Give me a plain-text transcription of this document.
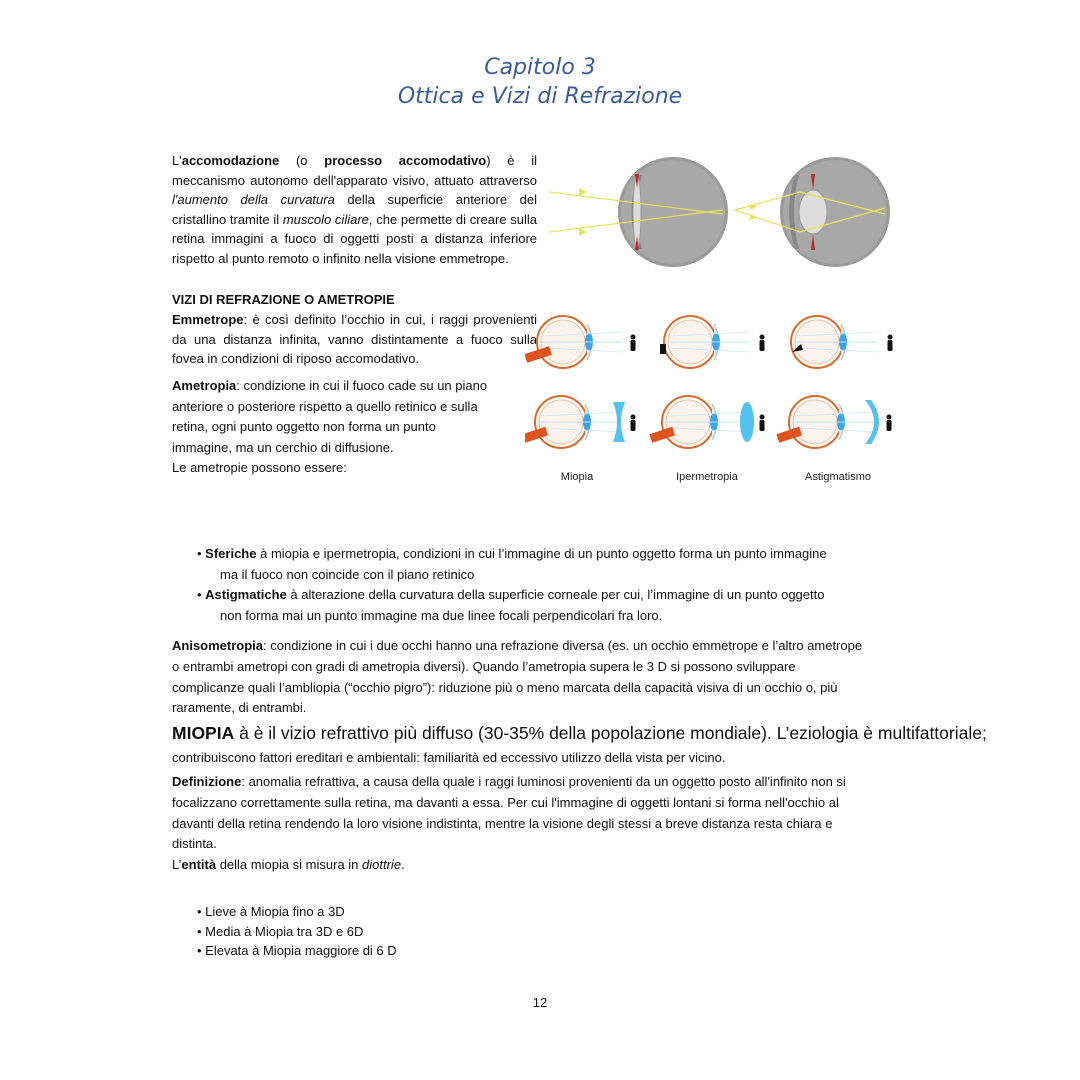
Capitolo 3
Ottica e Vizi di Refrazione
L'accomodazione (o processo accomodativo) è il meccanismo autonomo dell'apparato visivo, attuato attraverso l'aumento della curvatura della superficie anteriore del cristallino tramite il muscolo ciliare, che permette di creare sulla retina immagini a fuoco di oggetti posti a distanza inferiore rispetto al punto remoto o infinito nella visione emmetrope.
VIZI DI REFRAZIONE O AMETROPIE
Emmetrope: è così definito l’occhio in cui, i raggi provenienti da una distanza infinita, vanno distintamente a fuoco sulla fovea in condizioni di riposo accomodativo.
Ametropia: condizione in cui il fuoco cade su un piano
anteriore o posteriore rispetto a quello retinico e sulla
retina, ogni punto oggetto non forma un punto
immagine, ma un cerchio di diffusione.
Le ametropie possono essere:
Miopia	Ipermetropia	Astigmatismo
• Sferiche à miopia e ipermetropia, condizioni in cui l’immagine di un punto oggetto forma un punto immagine
ma il fuoco non coincide con il piano retinico
• Astigmatiche à alterazione della curvatura della superficie corneale per cui, l’immagine di un punto oggetto
non forma mai un punto immagine ma due linee focali perpendicolari fra loro.
Anisometropia: condizione in cui i due occhi hanno una refrazione diversa (es. un occhio emmetrope e l’altro ametrope
o entrambi ametropi con gradi di ametropia diversi). Quando l’ametropia supera le 3 D si possono sviluppare
complicanze quali l’ambliopia (“occhio pigro”): riduzione più o meno marcata della capacità visiva di un occhio o, più
raramente, di entrambi.
MIOPIA à è il vizio refrattivo più diffuso (30-35% della popolazione mondiale). L’eziologia è multifattoriale;
contribuiscono fattori ereditari e ambientali: familiarità ed eccessivo utilizzo della vista per vicino.
Definizione: anomalia refrattiva, a causa della quale i raggi luminosi provenienti da un oggetto posto all'infinito non si
focalizzano correttamente sulla retina, ma davanti a essa. Per cui l'immagine di oggetti lontani si forma nell'occhio al
davanti della retina rendendo la loro visione indistinta, mentre la visione degli stessi a breve distanza resta chiara e
distinta.
L’entità della miopia si misura in diottrie.
• Lieve à Miopia fino a 3D
• Media à Miopia tra 3D e 6D
• Elevata à Miopia maggiore di 6 D
12
